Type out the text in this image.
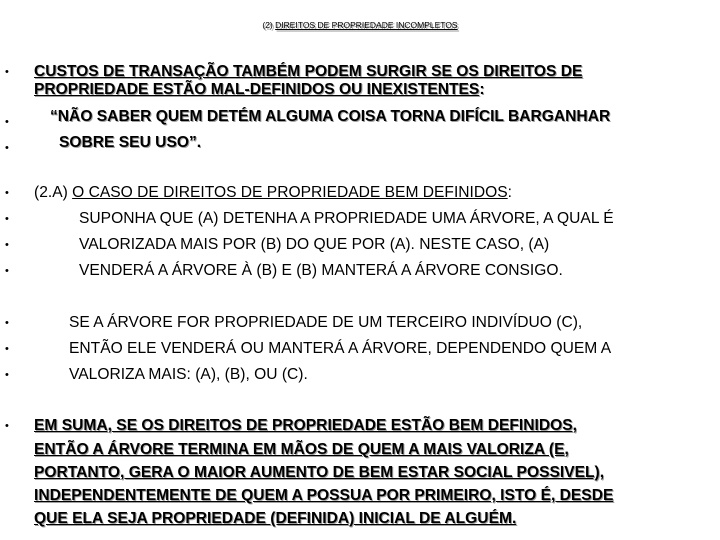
(2) DIREITOS DE PROPRIEDADE INCOMPLETOS
•
•
•
•
•
•
•
•
•
•
•
CUSTOS DE TRANSAÇÃO TAMBÉM PODEM SURGIR SE OS DIREITOS DE
PROPRIEDADE ESTÃO MAL-DEFINIDOS OU INEXISTENTES:
“NÃO SABER QUEM DETÉM ALGUMA COISA TORNA DIFÍCIL BARGANHAR
SOBRE SEU USO”.
(2.A) O CASO DE DIREITOS DE PROPRIEDADE BEM DEFINIDOS:
SUPONHA QUE (A) DETENHA A PROPRIEDADE UMA ÁRVORE, A QUAL É
VALORIZADA MAIS POR (B) DO QUE POR (A). NESTE CASO, (A)
VENDERÁ A ÁRVORE À (B) E (B) MANTERÁ A ÁRVORE CONSIGO.
SE A ÁRVORE FOR PROPRIEDADE DE UM TERCEIRO INDIVÍDUO (C),
ENTÃO ELE VENDERÁ OU MANTERÁ A ÁRVORE, DEPENDENDO QUEM A
VALORIZA MAIS: (A), (B), OU (C).
EM SUMA, SE OS DIREITOS DE PROPRIEDADE ESTÃO BEM DEFINIDOS,
ENTÃO A ÁRVORE TERMINA EM MÃOS DE QUEM A MAIS VALORIZA (E,
PORTANTO, GERA O MAIOR AUMENTO DE BEM ESTAR SOCIAL POSSIVEL),
INDEPENDENTEMENTE DE QUEM A POSSUA POR PRIMEIRO, ISTO É, DESDE
QUE ELA SEJA PROPRIEDADE (DEFINIDA) INICIAL DE ALGUÉM.
